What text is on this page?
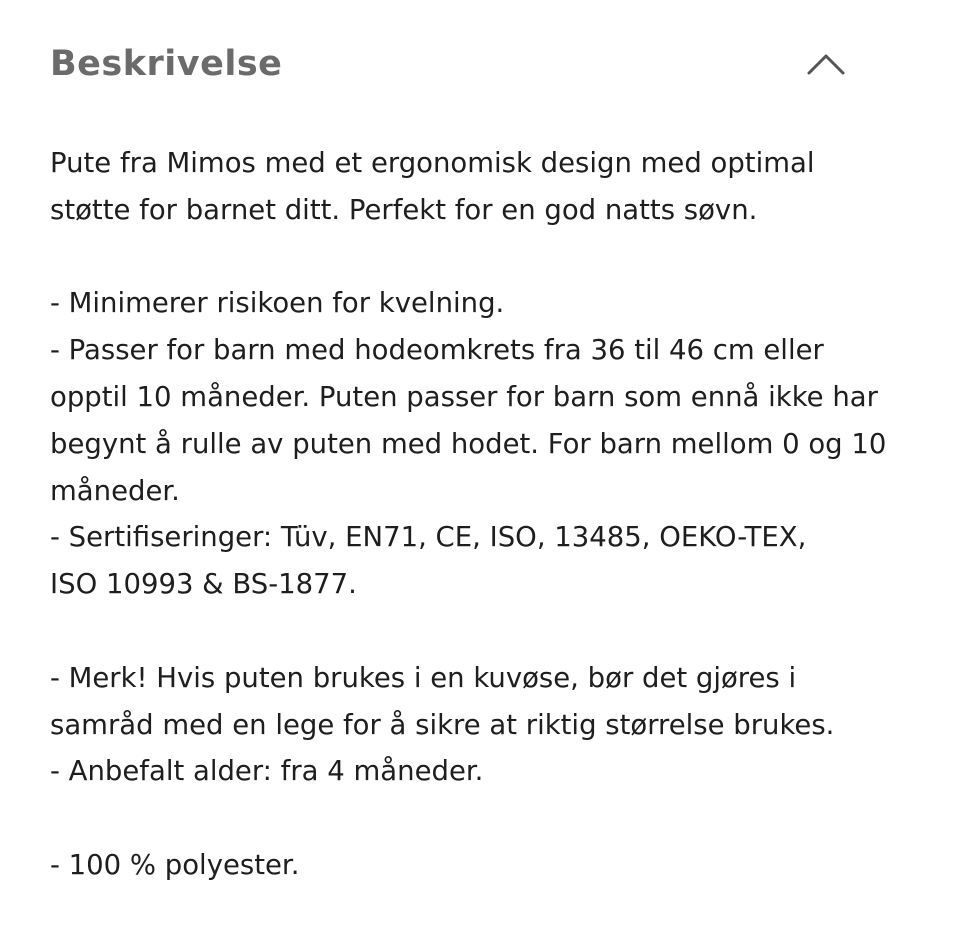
Beskrivelse

Pute fra Mimos med et ergonomisk design med optimal
støtte for barnet ditt. Perfekt for en god natts søvn.

- Minimerer risikoen for kvelning.
- Passer for barn med hodeomkrets fra 36 til 46 cm eller
opptil 10 måneder. Puten passer for barn som ennå ikke har
begynt å rulle av puten med hodet. For barn mellom 0 og 10
måneder.
- Sertifiseringer: Tüv, EN71, CE, ISO, 13485, OEKO-TEX,
ISO 10993 & BS-1877.

- Merk! Hvis puten brukes i en kuvøse, bør det gjøres i
samråd med en lege for å sikre at riktig størrelse brukes.
- Anbefalt alder: fra 4 måneder.

- 100 % polyester.
